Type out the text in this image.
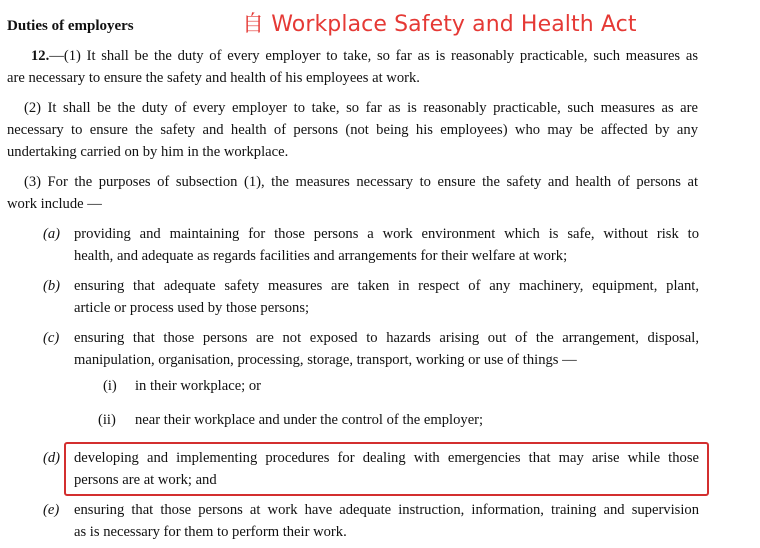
Duties of employers	自 Workplace Safety and Health Act
12.—(1) It shall be the duty of every employer to take, so far as is reasonably practicable, such measures as
are necessary to ensure the safety and health of his employees at work.
(2) It shall be the duty of every employer to take, so far as is reasonably practicable, such measures as are
necessary to ensure the safety and health of persons (not being his employees) who may be affected by any
undertaking carried on by him in the workplace.
(3) For the purposes of subsection (1), the measures necessary to ensure the safety and health of persons at
work include —
(a) providing and maintaining for those persons a work environment which is safe, without risk to
health, and adequate as regards facilities and arrangements for their welfare at work;
(b) ensuring that adequate safety measures are taken in respect of any machinery, equipment, plant,
article or process used by those persons;
(c) ensuring that those persons are not exposed to hazards arising out of the arrangement, disposal,
manipulation, organisation, processing, storage, transport, working or use of things —
(i) in their workplace; or
(ii) near their workplace and under the control of the employer;
(d) developing and implementing procedures for dealing with emergencies that may arise while those
persons are at work; and
(e) ensuring that those persons at work have adequate instruction, information, training and supervision
as is necessary for them to perform their work.
